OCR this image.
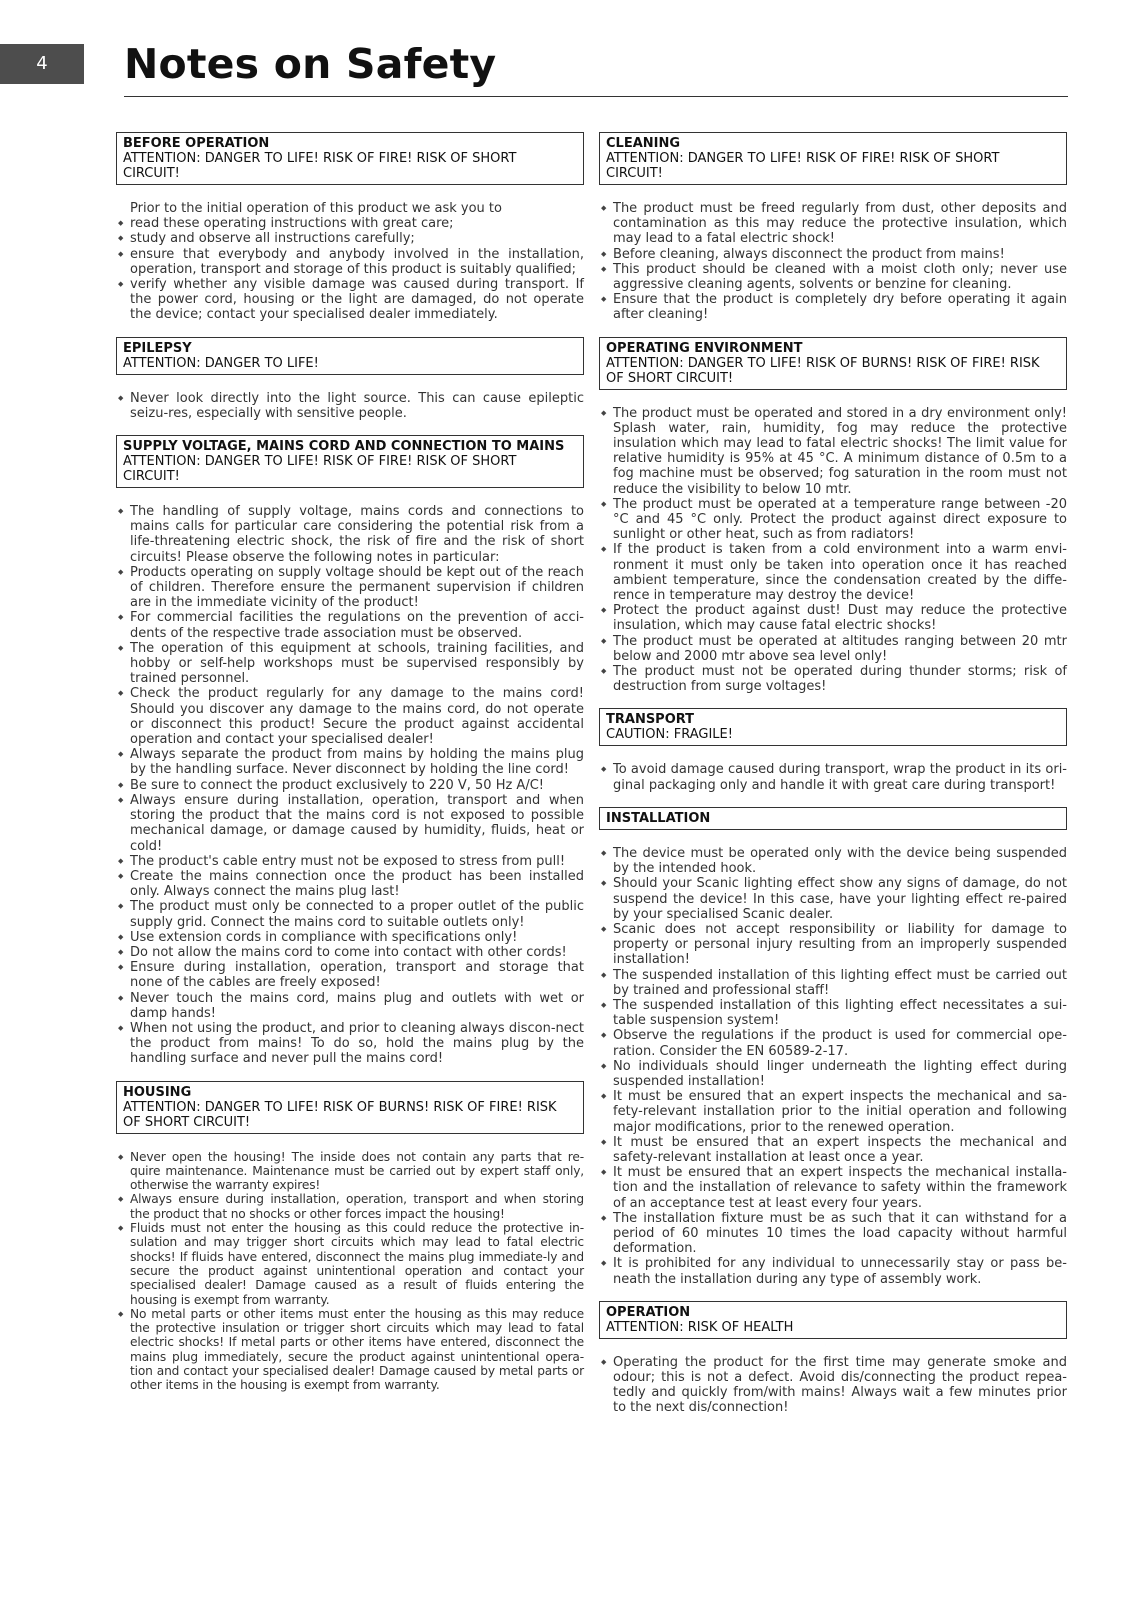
4	Notes on Safety
BEFORE OPERATION
ATTENTION: DANGER TO LIFE! RISK OF FIRE! RISK OF SHORT CIRCUIT!

Prior to the initial operation of this product we ask you to

◆ read these operating instructions with great care;
◆ study and observe all instructions carefully;
◆ ensure that everybody and anybody involved in the installation, operation, transport and storage of this product is suitably qualified;
◆ verify whether any visible damage was caused during transport. If the power cord, housing or the light are damaged, do not operate the device; contact your specialised dealer immediately.
EPILEPSY
ATTENTION: DANGER TO LIFE!
◆ Never look directly into the light source. This can cause epileptic seizu-res, especially with sensitive people.
SUPPLY VOLTAGE, MAINS CORD AND CONNECTION TO MAINS
ATTENTION: DANGER TO LIFE! RISK OF FIRE! RISK OF SHORT CIRCUIT!
◆ The handling of supply voltage, mains cords and connections to mains calls for particular care considering the potential risk from a life-threatening electric shock, the risk of fire and the risk of short circuits! Please observe the following notes in particular:
◆ Products operating on supply voltage should be kept out of the reach of children. Therefore ensure the permanent supervision if children are in the immediate vicinity of the product!
◆ For commercial facilities the regulations on the prevention of acci-dents of the respective trade association must be observed.
◆ The operation of this equipment at schools, training facilities, and hobby or self-help workshops must be supervised responsibly by trained personnel.
◆ Check the product regularly for any damage to the mains cord! Should you discover any damage to the mains cord, do not operate or disconnect this product! Secure the product against accidental operation and contact your specialised dealer!
◆ Always separate the product from mains by holding the mains plug by the handling surface. Never disconnect by holding the line cord!
◆ Be sure to connect the product exclusively to 220 V, 50 Hz A/C!
◆ Always ensure during installation, operation, transport and when storing the product that the mains cord is not exposed to possible mechanical damage, or damage caused by humidity, fluids, heat or cold!
◆ The product's cable entry must not be exposed to stress from pull!
◆ Create the mains connection once the product has been installed only. Always connect the mains plug last!
◆ The product must only be connected to a proper outlet of the public supply grid. Connect the mains cord to suitable outlets only!
◆ Use extension cords in compliance with specifications only!
◆ Do not allow the mains cord to come into contact with other cords!
◆ Ensure during installation, operation, transport and storage that none of the cables are freely exposed!
◆ Never touch the mains cord, mains plug and outlets with wet or damp hands!
◆ When not using the product, and prior to cleaning always discon-nect the product from mains! To do so, hold the mains plug by the handling surface and never pull the mains cord!
HOUSING
ATTENTION: DANGER TO LIFE! RISK OF BURNS! RISK OF FIRE! RISK OF SHORT CIRCUIT!
◆ Never open the housing! The inside does not contain any parts that re-quire maintenance. Maintenance must be carried out by expert staff only, otherwise the warranty expires!
◆ Always ensure during installation, operation, transport and when storing the product that no shocks or other forces impact the housing!
◆ Fluids must not enter the housing as this could reduce the protective in-sulation and may trigger short circuits which may lead to fatal electric shocks! If fluids have entered, disconnect the mains plug immediate-ly and secure the product against unintentional operation and contact your specialised dealer! Damage caused as a result of fluids entering the housing is exempt from warranty.
◆ No metal parts or other items must enter the housing as this may reduce the protective insulation or trigger short circuits which may lead to fatal electric shocks! If metal parts or other items have entered, disconnect the mains plug immediately, secure the product against unintentional opera-tion and contact your specialised dealer! Damage caused by metal parts or other items in the housing is exempt from warranty.
CLEANING
ATTENTION: DANGER TO LIFE! RISK OF FIRE! RISK OF SHORT CIRCUIT!
◆ The product must be freed regularly from dust, other deposits and contamination as this may reduce the protective insulation, which may lead to a fatal electric shock!
◆ Before cleaning, always disconnect the product from mains!
◆ This product should be cleaned with a moist cloth only; never use aggressive cleaning agents, solvents or benzine for cleaning.
◆ Ensure that the product is completely dry before operating it again after cleaning!
OPERATING ENVIRONMENT
ATTENTION: DANGER TO LIFE! RISK OF BURNS! RISK OF FIRE! RISK OF SHORT CIRCUIT!
◆ The product must be operated and stored in a dry environment only! Splash water, rain, humidity, fog may reduce the protective insulation which may lead to fatal electric shocks! The limit value for relative humidity is 95% at 45 °C. A minimum distance of 0.5m to a fog machine must be observed; fog saturation in the room must not reduce the visibility to below 10 mtr.
◆ The product must be operated at a temperature range between -20 °C and 45 °C only. Protect the product against direct exposure to sunlight or other heat, such as from radiators!
◆ If the product is taken from a cold environment into a warm envi-ronment it must only be taken into operation once it has reached ambient temperature, since the condensation created by the diffe-rence in temperature may destroy the device!
◆ Protect the product against dust! Dust may reduce the protective insulation, which may cause fatal electric shocks!
◆ The product must be operated at altitudes ranging between 20 mtr below and 2000 mtr above sea level only!
◆ The product must not be operated during thunder storms; risk of destruction from surge voltages!
TRANSPORT
CAUTION: FRAGILE!
◆ To avoid damage caused during transport, wrap the product in its ori-ginal packaging only and handle it with great care during transport!
INSTALLATION
◆ The device must be operated only with the device being suspended by the intended hook.
◆ Should your Scanic lighting effect show any signs of damage, do not suspend the device! In this case, have your lighting effect re-paired by your specialised Scanic dealer.
◆ Scanic does not accept responsibility or liability for damage to property or personal injury resulting from an improperly suspended installation!
◆ The suspended installation of this lighting effect must be carried out by trained and professional staff!
◆ The suspended installation of this lighting effect necessitates a sui-table suspension system!
◆ Observe the regulations if the product is used for commercial ope-ration. Consider the EN 60589-2-17.
◆ No individuals should linger underneath the lighting effect during suspended installation!
◆ It must be ensured that an expert inspects the mechanical and sa-fety-relevant installation prior to the initial operation and following major modifications, prior to the renewed operation.
◆ It must be ensured that an expert inspects the mechanical and safety-relevant installation at least once a year.
◆ It must be ensured that an expert inspects the mechanical installa-tion and the installation of relevance to safety within the framework of an acceptance test at least every four years.
◆ The installation fixture must be as such that it can withstand for a period of 60 minutes 10 times the load capacity without harmful deformation.
◆ It is prohibited for any individual to unnecessarily stay or pass be-neath the installation during any type of assembly work.
OPERATION
ATTENTION: RISK OF HEALTH
◆ Operating the product for the first time may generate smoke and odour; this is not a defect. Avoid dis/connecting the product repea-tedly and quickly from/with mains! Always wait a few minutes prior to the next dis/connection!
